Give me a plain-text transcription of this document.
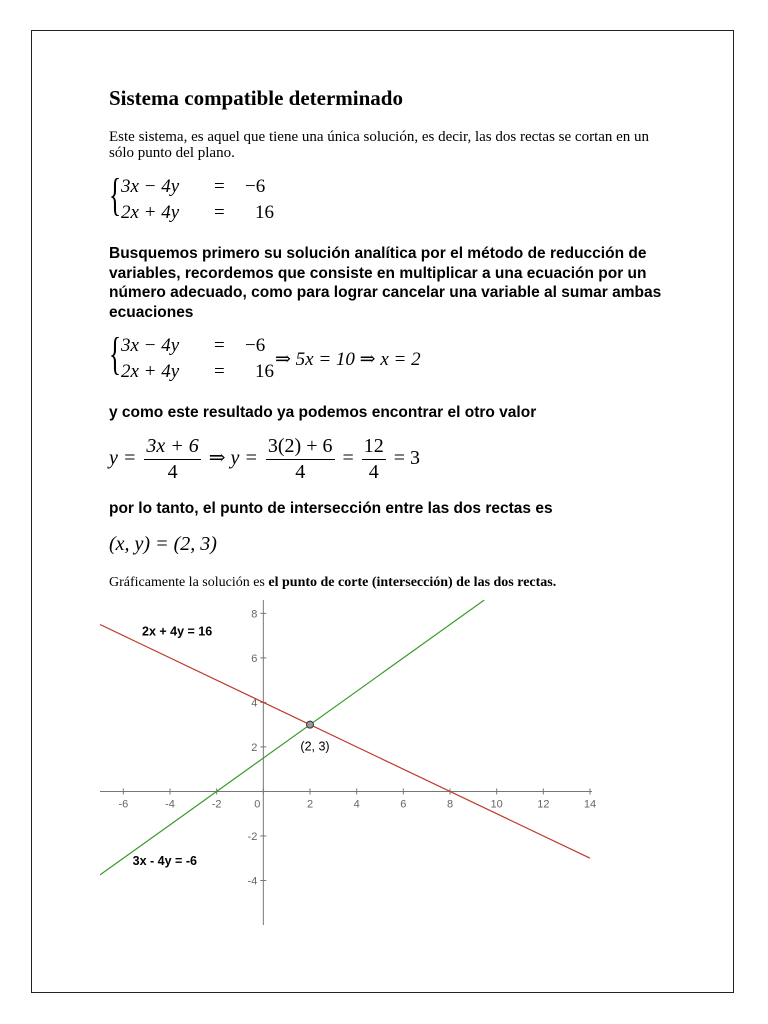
Sistema compatible determinado
Este sistema, es aquel que tiene una única solución, es decir, las dos rectas se cortan en un sólo punto del plano.
{ 3x − 4y = −6
2x + 4y = 16
Busquemos primero su solución analítica por el método de reducción de variables, recordemos que consiste en multiplicar a una ecuación por un número adecuado, como para lograr cancelar una variable al sumar ambas ecuaciones
{ 3x − 4y = −6
2x + 4y = 16
⇒ 5x = 10 ⇒ x = 2
y como este resultado ya podemos encontrar el otro valor
$y = \frac{3x + 6}{4}$ ⇒ $y = \frac{3(2) + 6}{4} = \frac{12}{4} = 3$
por lo tanto, el punto de intersección entre las dos rectas es
(x, y) = (2, 3)
Gráficamente la solución es el punto de corte (intersección) de las dos rectas.
-6	-4	-2	0	2	4	6	8	10	12	14
-4
-2
2
4
6
8
2x + 4y = 16
3x - 4y = -6
(2, 3)
